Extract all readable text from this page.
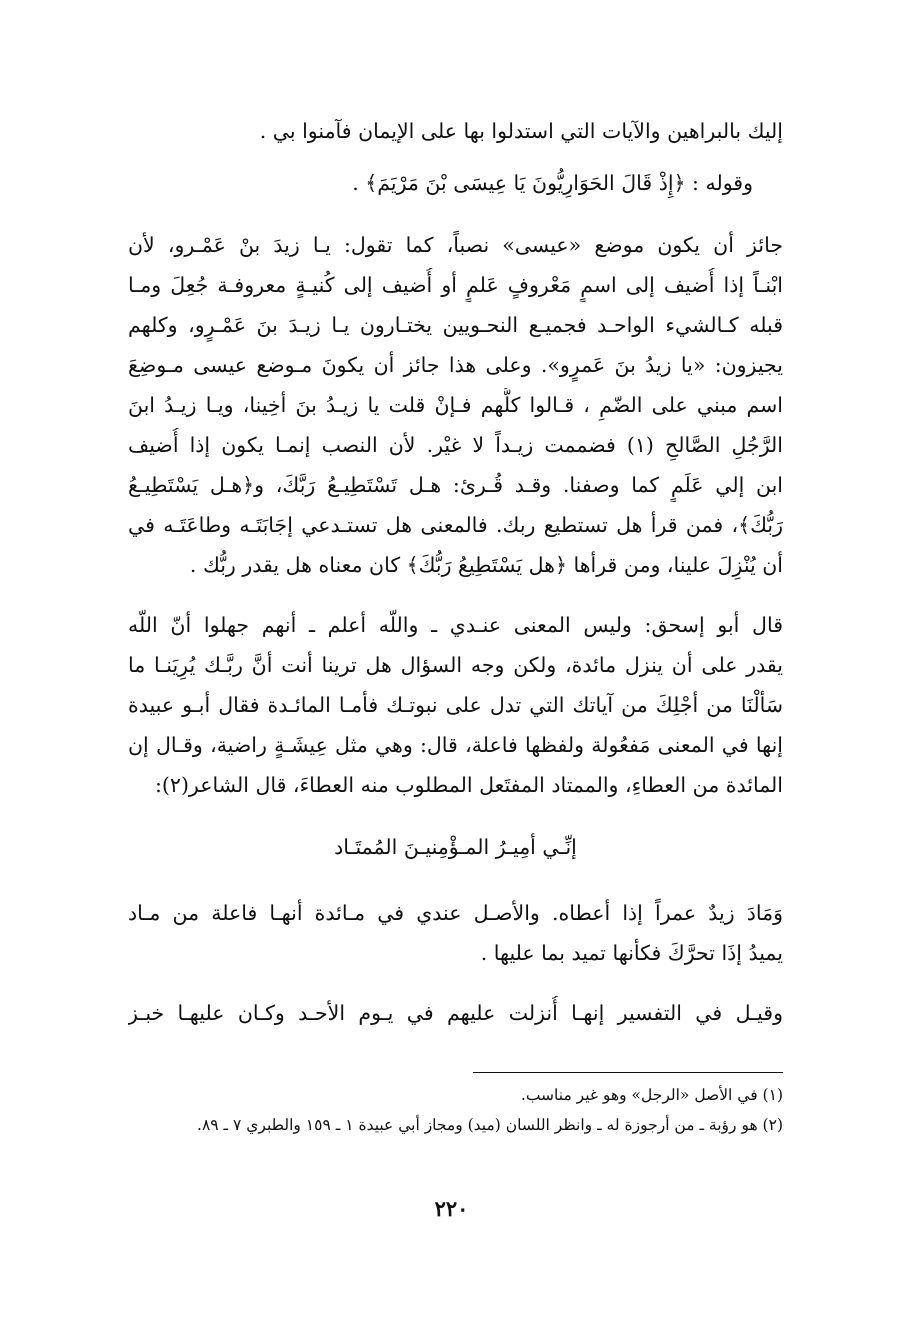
إليك بالبراهين والآيات التي استدلوا بها على الإيمان فآمنوا بي .
وقوله : ﴿إِذْ قَالَ الحَوَارِيُّونَ يَا عِيسَى بْنَ مَرْيَمَ﴾ .
جائز أن يكون موضع «عيسى» نصباً، كما تقول: يـا زيدَ بنْ عَمْـرو، لأن
ابْنـاً إذا أُضيف إلى اسمٍ مَعْروفٍ عَلمٍ أو أُضيف إلى كُنيـةٍ معروفـة جُعِلَ ومـا
قبله كـالشيء الواحـد فجميـع النحـويين يختـارون يـا زيـدَ بنَ عَمْـرٍو، وكلهم
يجيزون: «يا زيدُ بنَ عَمرٍو». وعلى هذا جائز أن يكونَ مـوضع عيسى مـوضِعَ
اسم مبني على الضّمِ ، قـالوا كلُّهم فـإنْ قلت يا زيـدُ بنَ أخِينا، ويـا زيـدُ ابنَ
الرَّجُلِ الصَّالحِ (١) فضممت زيـداً لا غيْر. لأن النصب إنمـا يكون إذا أُضيف
ابن إلي عَلَمٍ كما وصفنا. وقـد قُـرئ: هـل تَسْتَطِيـعُ رَبَّكَ، و﴿هـل يَسْتَطِيـعُ
رَبُّكَ﴾، فمن قرأ هل تستطيع ربك. فالمعنى هل تستـدعي إجَابَتَـه وطاعَتَـه في
أن يُنْزِلَ علينا، ومن قرأها ﴿هل يَسْتَطِيعُ رَبُّكَ﴾ كان معناه هل يقدر ربُّك .
قال أبو إسحق: وليس المعنى عنـدي ـ واللّه أعلم ـ أنهم جهلوا أنّ اللّه
يقدر على أن ينزل مائدة، ولكن وجه السؤال هل ترينا أنت أنَّ ربَّـك يُرِيَنـا ما
سَألْنَا من أجْلِكَ من آياتك التي تدل على نبوتـك فأمـا المائـدة فقال أبـو عبيدة
إنها في المعنى مَفعُولة ولفظها فاعلة، قال: وهي مثل عِيشَـةٍ راضية، وقـال إن
المائدة من العطاءِ، والممتاد المفتَعل المطلوب منه العطاءَ، قال الشاعر(٢):
إنِّـي أمِيـرُ المـؤْمِنيـنَ المُمتَـاد
وَمَادَ زيدٌ عمراً إذا أعطاه. والأصـل عندي في مـائدة أنهـا فاعلة من مـاد
يميدُ إذَا تحرَّكَ فكأنها تميد بما عليها .
وقيـل في التفسير إنهـا أُنزلت عليهم في يـوم الأحـد وكـان عليهـا خبـز
(١) في الأصل «الرجل» وهو غير مناسب.
(٢) هو رؤبة ـ من أرجوزة له ـ وانظر اللسان (ميد) ومجاز أبي عبيدة ١ ـ ١٥٩ والطبري ٧ ـ ٨٩.
٢٢٠
